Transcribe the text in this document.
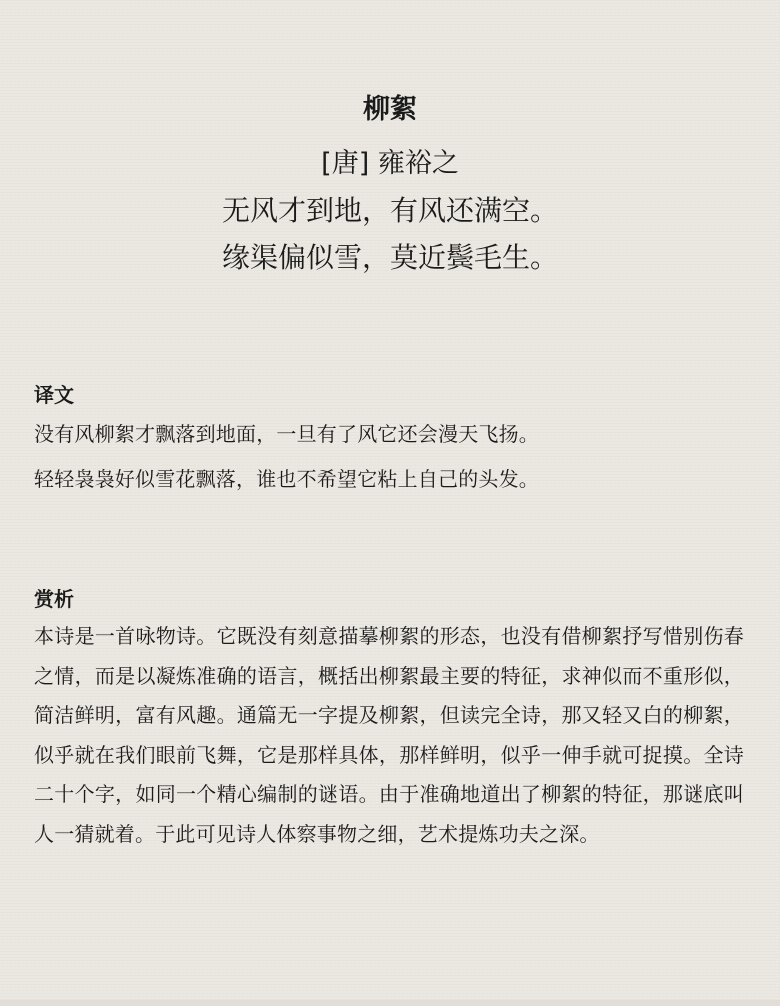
柳絮
[唐] 雍裕之
无风才到地，有风还满空。
缘渠偏似雪，莫近鬓毛生。
译文

没有风柳絮才飘落到地面，一旦有了风它还会漫天飞扬。

轻轻袅袅好似雪花飘落，谁也不希望它粘上自己的头发。

赏析
本诗是一首咏物诗。它既没有刻意描摹柳絮的形态，也没有借柳絮抒写惜别伤春之情，而是以凝炼准确的语言，概括出柳絮最主要的特征，求神似而不重形似，简洁鲜明，富有风趣。通篇无一字提及柳絮，但读完全诗，那又轻又白的柳絮，似乎就在我们眼前飞舞，它是那样具体，那样鲜明，似乎一伸手就可捉摸。全诗二十个字，如同一个精心编制的谜语。由于准确地道出了柳絮的特征，那谜底叫人一猜就着。于此可见诗人体察事物之细，艺术提炼功夫之深。
